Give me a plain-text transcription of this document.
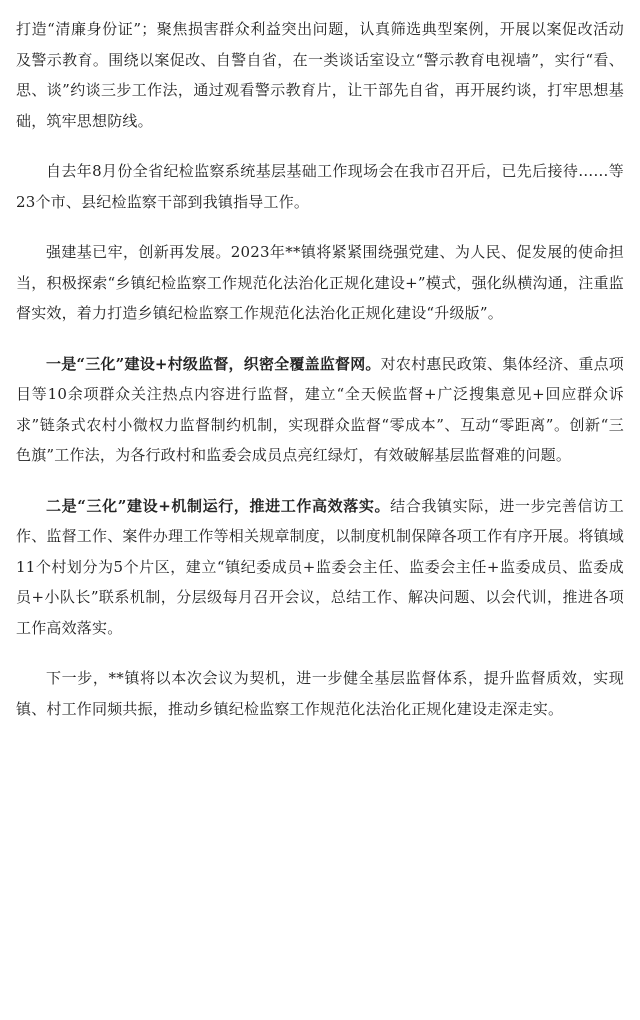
打造“清廉身份证”；聚焦损害群众利益突出问题，认真筛选典型案例，开展以案促改活动及警示教育。围绕以案促改、自警自省，在一类谈话室设立“警示教育电视墙”，实行“看、思、谈”约谈三步工作法，通过观看警示教育片，让干部先自省，再开展约谈，打牢思想基础，筑牢思想防线。

自去年8月份全省纪检监察系统基层基础工作现场会在我市召开后，已先后接待……等23个市、县纪检监察干部到我镇指导工作。

强建基已牢，创新再发展。2023年**镇将紧紧围绕强党建、为人民、促发展的使命担当，积极探索“乡镇纪检监察工作规范化法治化正规化建设+”模式，强化纵横沟通，注重监督实效，着力打造乡镇纪检监察工作规范化法治化正规化建设“升级版”。

一是“三化”建设+村级监督，织密全覆盖监督网。对农村惠民政策、集体经济、重点项目等10余项群众关注热点内容进行监督，建立“全天候监督+广泛搜集意见+回应群众诉求”链条式农村小微权力监督制约机制，实现群众监督“零成本”、互动“零距离”。创新“三色旗”工作法，为各行政村和监委会成员点亮红绿灯，有效破解基层监督难的问题。

二是“三化”建设+机制运行，推进工作高效落实。结合我镇实际，进一步完善信访工作、监督工作、案件办理工作等相关规章制度，以制度机制保障各项工作有序开展。将镇域11个村划分为5个片区，建立“镇纪委成员+监委会主任、监委会主任+监委成员、监委成员+小队长”联系机制，分层级每月召开会议，总结工作、解决问题、以会代训，推进各项工作高效落实。

下一步，**镇将以本次会议为契机，进一步健全基层监督体系，提升监督质效，实现镇、村工作同频共振，推动乡镇纪检监察工作规范化法治化正规化建设走深走实。
